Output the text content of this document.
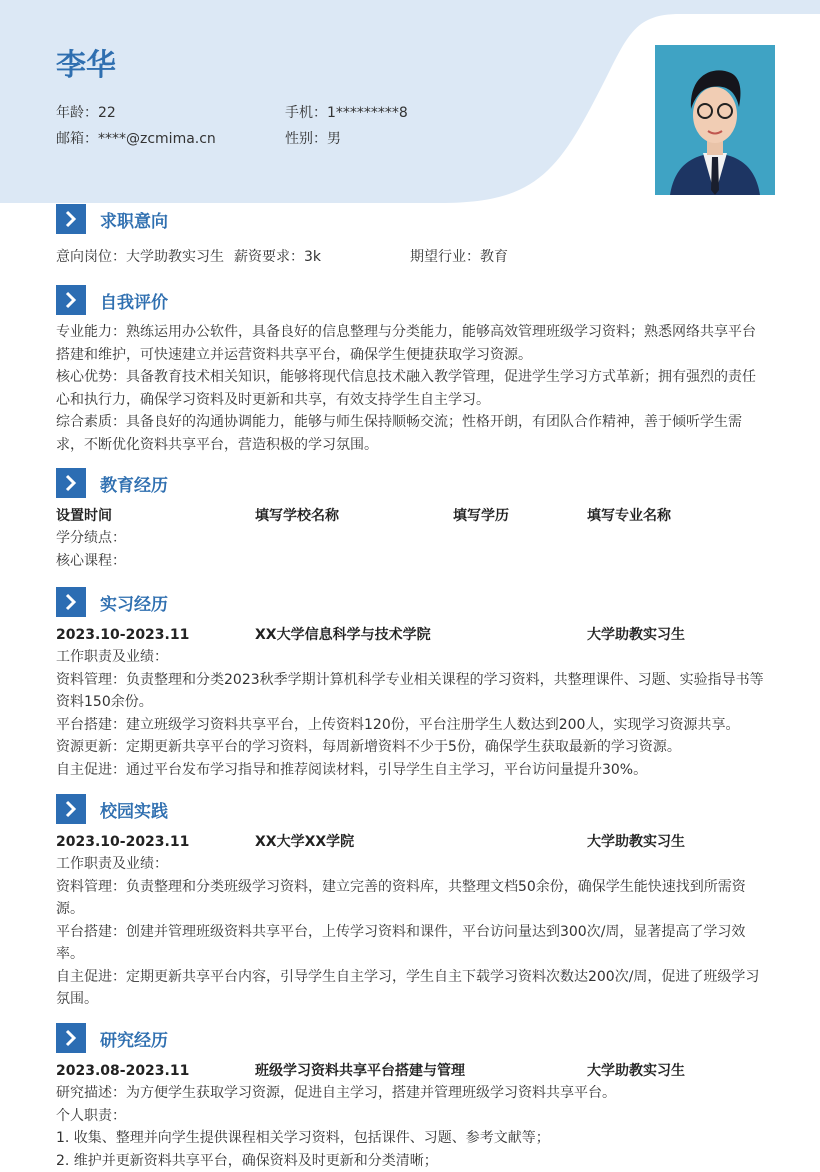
李华
年龄：22	手机：1*********8
邮箱：****@zcmima.cn	性别：男
求职意向
意向岗位：大学助教实习生 薪资要求：3k	期望行业：教育
自我评价
专业能力：熟练运用办公软件，具备良好的信息整理与分类能力，能够高效管理班级学习资料；熟悉网络共享平台搭建和维护，可快速建立并运营资料共享平台，确保学生便捷获取学习资源。
核心优势：具备教育技术相关知识，能够将现代信息技术融入教学管理，促进学生学习方式革新；拥有强烈的责任心和执行力，确保学习资料及时更新和共享，有效支持学生自主学习。
综合素质：具备良好的沟通协调能力，能够与师生保持顺畅交流；性格开朗，有团队合作精神，善于倾听学生需求，不断优化资料共享平台，营造积极的学习氛围。
教育经历
设置时间	填写学校名称	填写学历	填写专业名称
学分绩点：
核心课程：
实习经历
2023.10-2023.11	XX大学信息科学与技术学院	大学助教实习生
工作职责及业绩：
资料管理：负责整理和分类2023秋季学期计算机科学专业相关课程的学习资料，共整理课件、习题、实验指导书等资料150余份。
平台搭建：建立班级学习资料共享平台，上传资料120份，平台注册学生人数达到200人，实现学习资源共享。
资源更新：定期更新共享平台的学习资料，每周新增资料不少于5份，确保学生获取最新的学习资源。
自主促进：通过平台发布学习指导和推荐阅读材料，引导学生自主学习，平台访问量提升30%。
校园实践
2023.10-2023.11	XX大学XX学院	大学助教实习生
工作职责及业绩：
资料管理：负责整理和分类班级学习资料，建立完善的资料库，共整理文档50余份，确保学生能快速找到所需资源。
平台搭建：创建并管理班级资料共享平台，上传学习资料和课件，平台访问量达到300次/周，显著提高了学习效率。
自主促进：定期更新共享平台内容，引导学生自主学习，学生自主下载学习资料次数达200次/周，促进了班级学习氛围。
研究经历
2023.08-2023.11	班级学习资料共享平台搭建与管理	大学助教实习生
研究描述：为方便学生获取学习资源，促进自主学习，搭建并管理班级学习资料共享平台。
个人职责：
1. 收集、整理并向学生提供课程相关学习资料，包括课件、习题、参考文献等；
2. 维护并更新资料共享平台，确保资料及时更新和分类清晰；
